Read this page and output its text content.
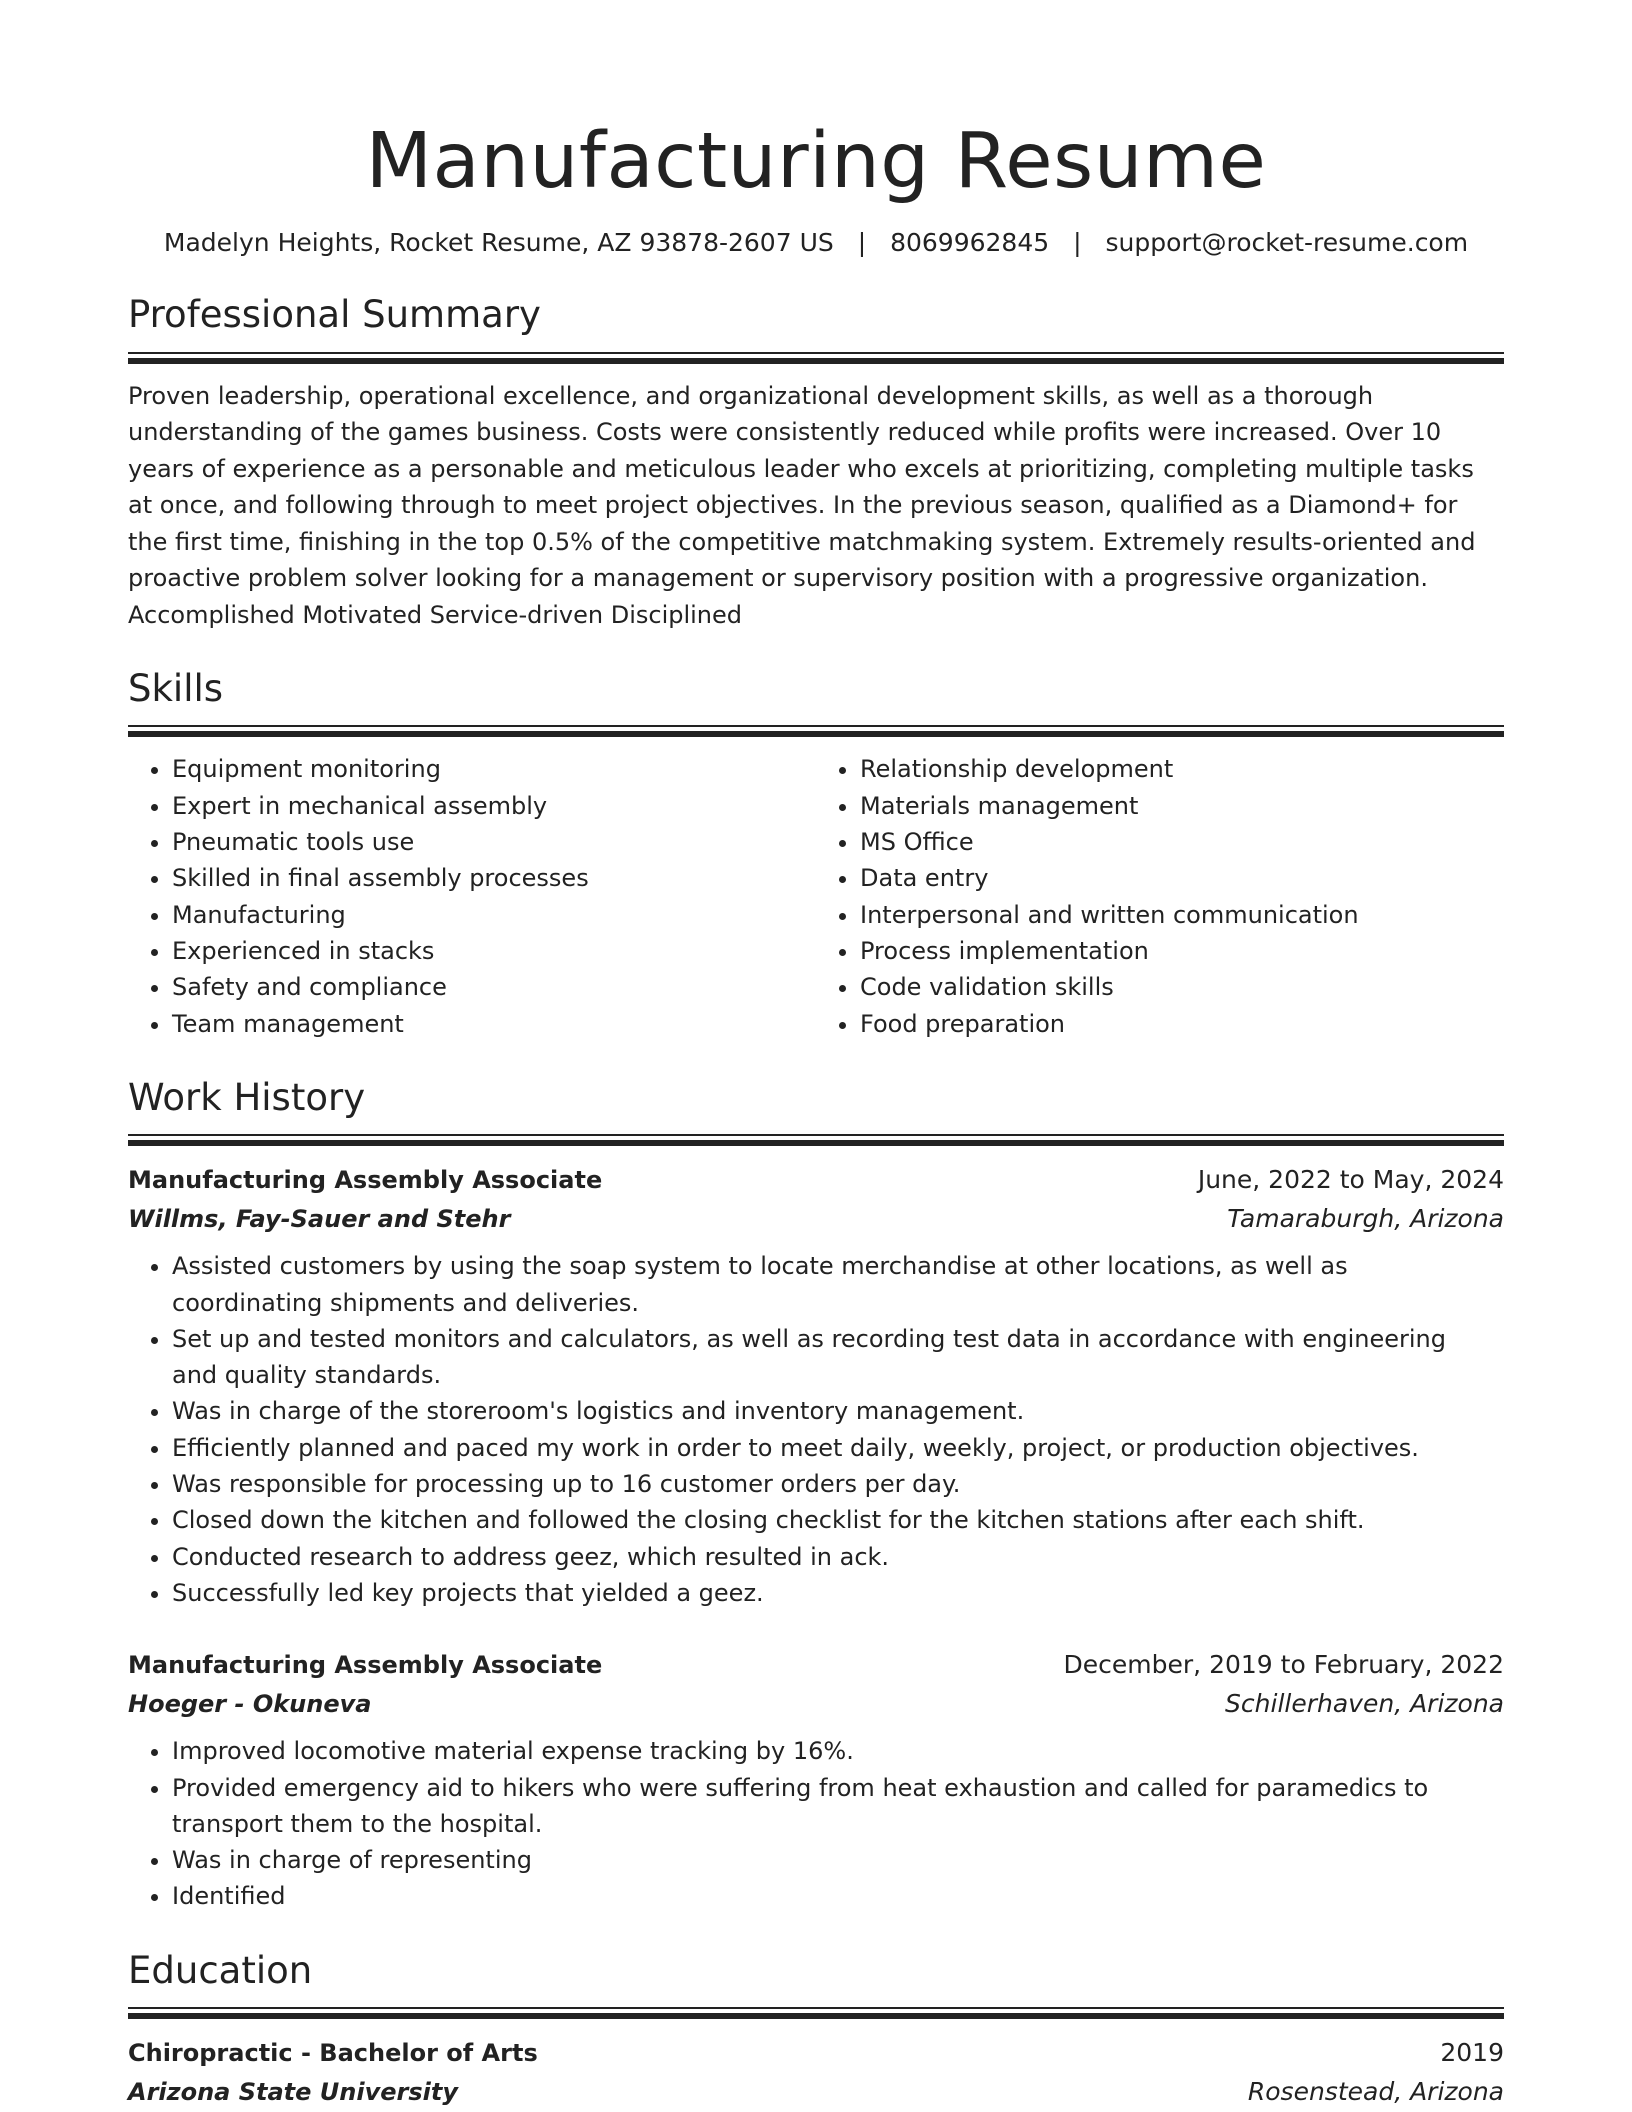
Manufacturing Resume
Madelyn Heights, Rocket Resume, AZ 93878-2607 US | 8069962845 | support@rocket-resume.com
Professional Summary
Proven leadership, operational excellence, and organizational development skills, as well as a thorough understanding of the games business. Costs were consistently reduced while profits were increased. Over 10 years of experience as a personable and meticulous leader who excels at prioritizing, completing multiple tasks at once, and following through to meet project objectives. In the previous season, qualified as a Diamond+ for the first time, finishing in the top 0.5% of the competitive matchmaking system. Extremely results-oriented and proactive problem solver looking for a management or supervisory position with a progressive organization. Accomplished Motivated Service-driven Disciplined
Skills
• Equipment monitoring
• Expert in mechanical assembly
• Pneumatic tools use
• Skilled in final assembly processes
• Manufacturing
• Experienced in stacks
• Safety and compliance
• Team management
• Relationship development
• Materials management
• MS Office
• Data entry
• Interpersonal and written communication
• Process implementation
• Code validation skills
• Food preparation
Work History
Manufacturing Assembly Associate	June, 2022 to May, 2024
Willms, Fay-Sauer and Stehr	Tamaraburgh, Arizona
• Assisted customers by using the soap system to locate merchandise at other locations, as well as coordinating shipments and deliveries.
• Set up and tested monitors and calculators, as well as recording test data in accordance with engineering and quality standards.
• Was in charge of the storeroom's logistics and inventory management.
• Efficiently planned and paced my work in order to meet daily, weekly, project, or production objectives.
• Was responsible for processing up to 16 customer orders per day.
• Closed down the kitchen and followed the closing checklist for the kitchen stations after each shift.
• Conducted research to address geez, which resulted in ack.
• Successfully led key projects that yielded a geez.
Manufacturing Assembly Associate	December, 2019 to February, 2022
Hoeger - Okuneva	Schillerhaven, Arizona
• Improved locomotive material expense tracking by 16%.
• Provided emergency aid to hikers who were suffering from heat exhaustion and called for paramedics to transport them to the hospital.
• Was in charge of representing
• Identified
Education
Chiropractic - Bachelor of Arts	2019
Arizona State University	Rosenstead, Arizona
